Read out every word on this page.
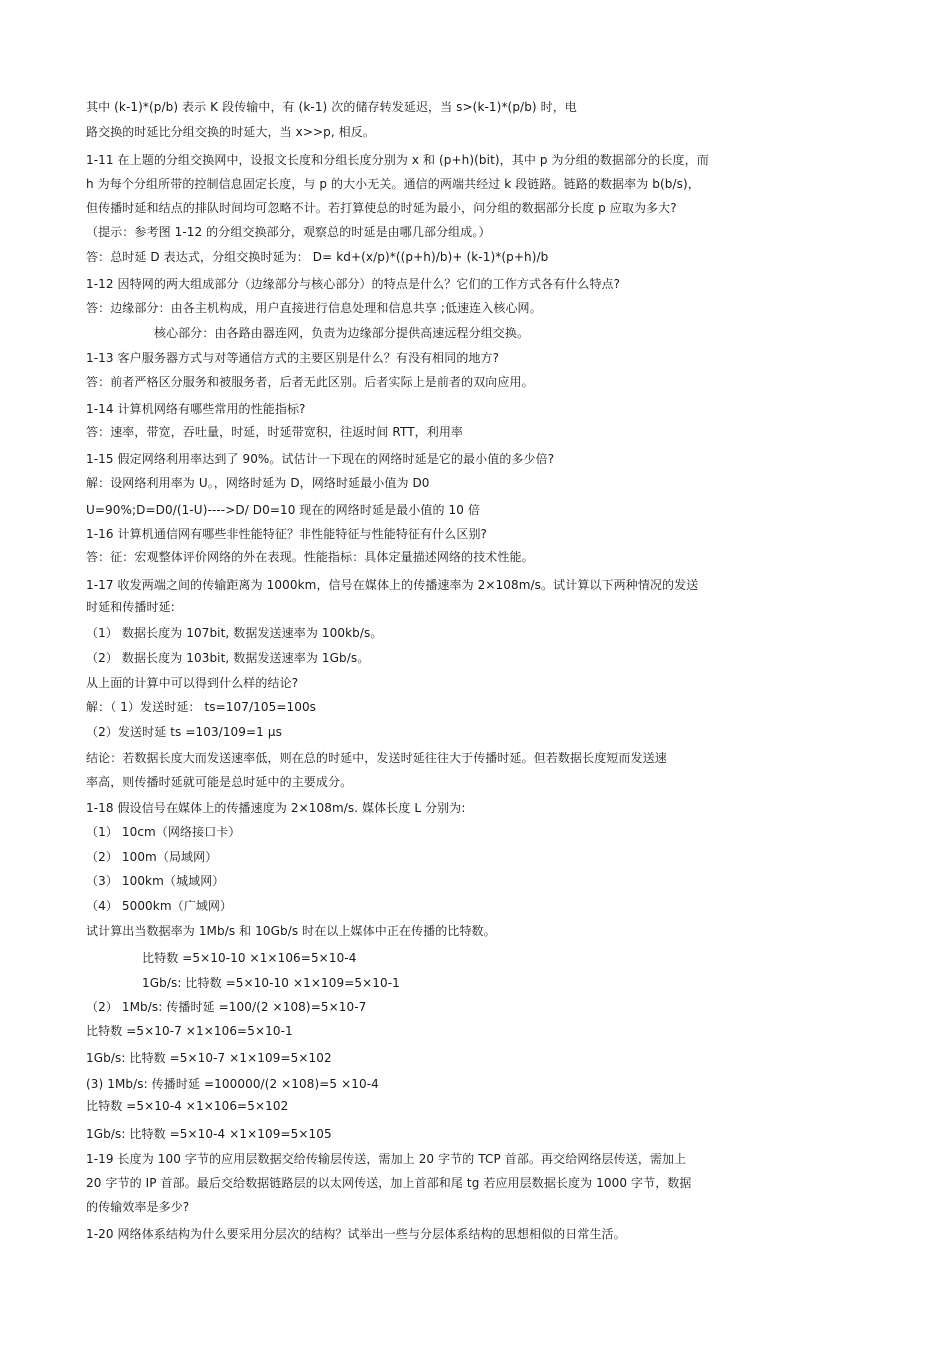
其中 (k-1)*(p/b) 表示 K 段传输中，有 (k-1) 次的储存转发延迟，当 s>(k-1)*(p/b) 时，电
路交换的时延比分组交换的时延大，当 x>>p, 相反。
1-11 在上题的分组交换网中，设报文长度和分组长度分别为 x 和 (p+h)(bit)，其中 p 为分组的数据部分的长度，而
h 为每个分组所带的控制信息固定长度，与 p 的大小无关。通信的两端共经过 k 段链路。链路的数据率为 b(b/s)，
但传播时延和结点的排队时间均可忽略不计。若打算使总的时延为最小，问分组的数据部分长度 p 应取为多大?
（提示：参考图 1-12 的分组交换部分，观察总的时延是由哪几部分组成。）
答：总时延 D 表达式，分组交换时延为： D= kd+(x/p)*((p+h)/b)+ (k-1)*(p+h)/b
1-12 因特网的两大组成部分（边缘部分与核心部分）的特点是什么？它们的工作方式各有什么特点?
答：边缘部分：由各主机构成，用户直接进行信息处理和信息共享 ;低速连入核心网。
核心部分：由各路由器连网，负责为边缘部分提供高速远程分组交换。
1-13 客户服务器方式与对等通信方式的主要区别是什么？有没有相同的地方?
答：前者严格区分服务和被服务者，后者无此区别。后者实际上是前者的双向应用。
1-14 计算机网络有哪些常用的性能指标?
答：速率，带宽，吞吐量，时延，时延带宽积，往返时间 RTT，利用率
1-15 假定网络利用率达到了 90%。试估计一下现在的网络时延是它的最小值的多少倍?
解：设网络利用率为 U。，网络时延为 D，网络时延最小值为 D0
U=90%;D=D0/(1-U)---->D/ D0=10 现在的网络时延是最小值的 10 倍
1-16 计算机通信网有哪些非性能特征？非性能特征与性能特征有什么区别?
答：征：宏观整体评价网络的外在表现。性能指标：具体定量描述网络的技术性能。
1-17 收发两端之间的传输距离为 1000km，信号在媒体上的传播速率为 2×108m/s。试计算以下两种情况的发送
时延和传播时延:
（1） 数据长度为 107bit, 数据发送速率为 100kb/s。
（2） 数据长度为 103bit, 数据发送速率为 1Gb/s。
从上面的计算中可以得到什么样的结论?
解：（ 1）发送时延： ts=107/105=100s
（2）发送时延 ts =103/109=1 μs
结论：若数据长度大而发送速率低，则在总的时延中，发送时延往往大于传播时延。但若数据长度短而发送速
率高，则传播时延就可能是总时延中的主要成分。
1-18 假设信号在媒体上的传播速度为 2×108m/s. 媒体长度 L 分别为:
（1） 10cm（网络接口卡）
（2） 100m（局域网）
（3） 100km（城域网）
（4） 5000km（广域网）
试计算出当数据率为 1Mb/s 和 10Gb/s 时在以上媒体中正在传播的比特数。
比特数 =5×10-10 ×1×106=5×10-4
1Gb/s: 比特数 =5×10-10 ×1×109=5×10-1
（2） 1Mb/s: 传播时延 =100/(2 ×108)=5×10-7
比特数 =5×10-7 ×1×106=5×10-1
1Gb/s: 比特数 =5×10-7 ×1×109=5×102
(3) 1Mb/s: 传播时延 =100000/(2 ×108)=5 ×10-4
比特数 =5×10-4 ×1×106=5×102
1Gb/s: 比特数 =5×10-4 ×1×109=5×105
1-19 长度为 100 字节的应用层数据交给传输层传送，需加上 20 字节的 TCP 首部。再交给网络层传送，需加上
20 字节的 IP 首部。最后交给数据链路层的以太网传送，加上首部和尾 tg 若应用层数据长度为 1000 字节，数据
的传输效率是多少?
1-20 网络体系结构为什么要采用分层次的结构？试举出一些与分层体系结构的思想相似的日常生活。
